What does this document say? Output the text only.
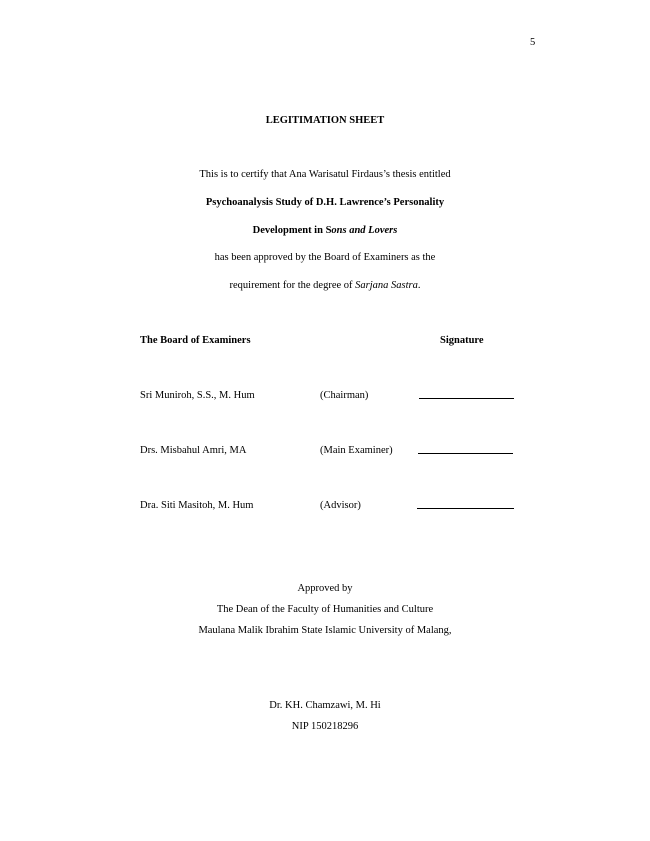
5
LEGITIMATION SHEET
This is to certify that Ana Warisatul Firdaus’s thesis entitled
Psychoanalysis Study of D.H. Lawrence’s Personality
Development in Sons and Lovers
has been approved by the Board of Examiners as the
requirement for the degree of Sarjana Sastra.
The Board of Examiners	Signature
Sri Muniroh, S.S., M. Hum	(Chairman)
Drs. Misbahul Amri, MA	(Main Examiner)
Dra. Siti Masitoh, M. Hum	(Advisor)
Approved by
The Dean of the Faculty of Humanities and Culture
Maulana Malik Ibrahim State Islamic University of Malang,
Dr. KH. Chamzawi, M. Hi
NIP 150218296
